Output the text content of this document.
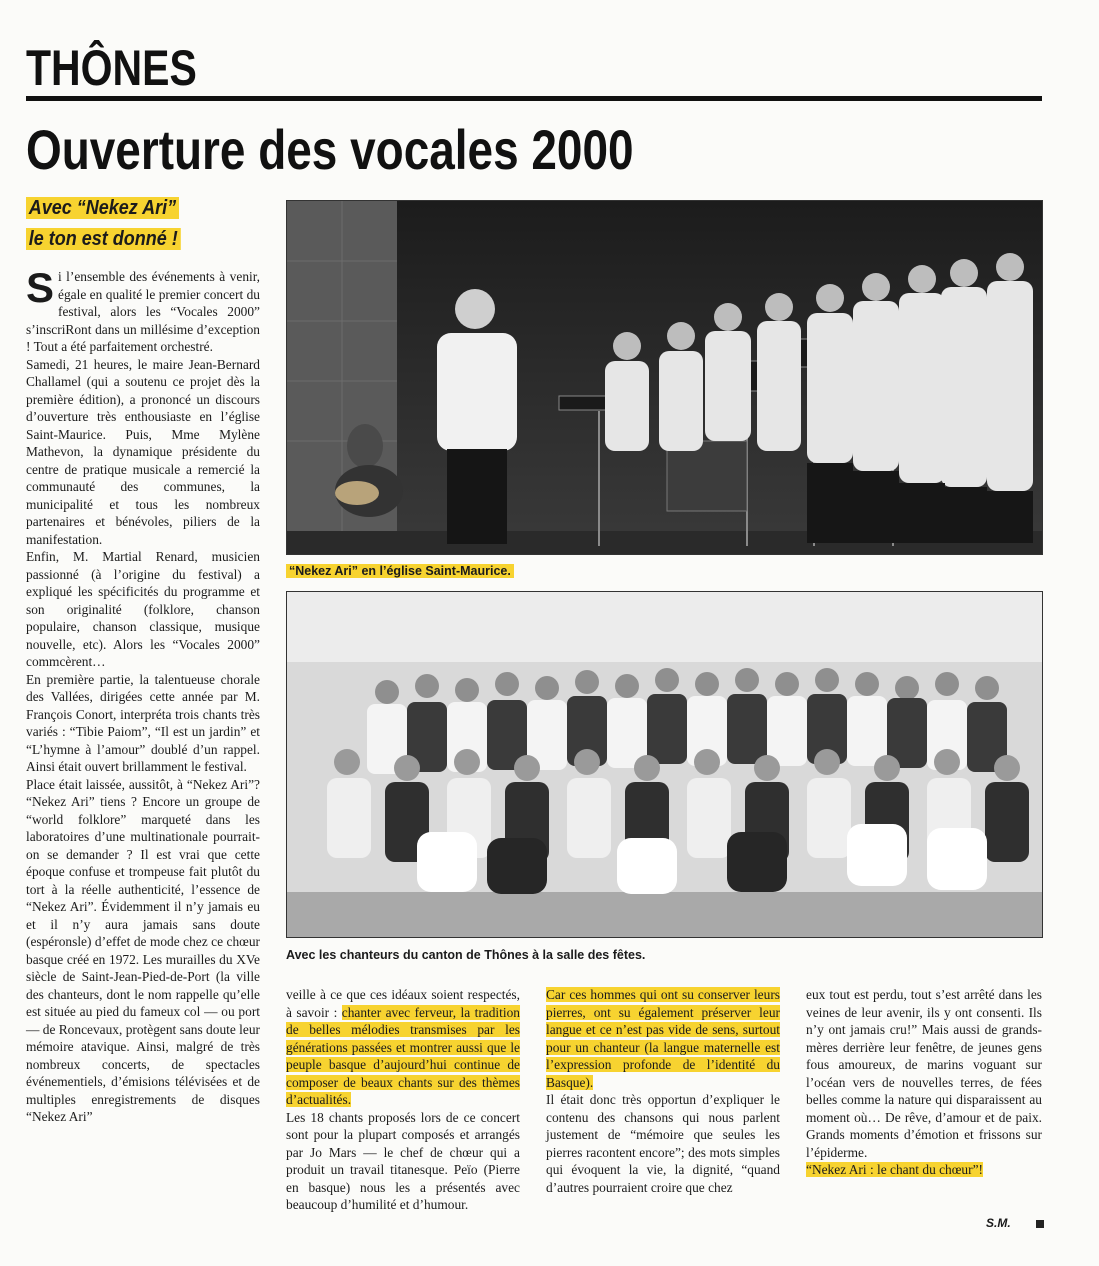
THÔNES
Ouverture des vocales 2000
Avec “Nekez Ari”
le ton est donné !
S i l’ensemble des événements à venir, égale en qualité le premier concert du festival, alors les “Vocales 2000” s’inscriRont dans un millésime d’exception ! Tout a été parfaitement orchestré.

Samedi, 21 heures, le maire Jean-Bernard Challamel (qui a soutenu ce projet dès la première édition), a prononcé un discours d’ouverture très enthousiaste en l’église Saint-Maurice. Puis, Mme Mylène Mathevon, la dynamique présidente du centre de pratique musicale a remercié la communauté des communes, la municipalité et tous les nombreux partenaires et bénévoles, piliers de la manifestation.

Enfin, M. Martial Renard, musicien passionné (à l’origine du festival) a expliqué les spécificités du programme et son originalité (folklore, chanson populaire, chanson classique, musique nouvelle, etc). Alors les “Vocales 2000” commcèrent…

En première partie, la talentueuse chorale des Vallées, dirigées cette année par M. François Conort, interpréta trois chants très variés : “Tibie Paiom”, “Il est un jardin” et “L’hymne à l’amour” doublé d’un rappel. Ainsi était ouvert brillamment le festival.

Place était laissée, aussitôt, à “Nekez Ari”? “Nekez Ari” tiens ? Encore un groupe de “world folklore” marqueté dans les laboratoires d’une multinationale pourrait-on se demander ? Il est vrai que cette époque confuse et trompeuse fait plutôt du tort à la réelle authenticité, l’essence de “Nekez Ari”. Évidemment il n’y jamais eu et il n’y aura jamais sans doute (espéronsle) d’effet de mode chez ce chœur basque créé en 1972. Les murailles du XVe siècle de Saint-Jean-Pied-de-Port (la ville des chanteurs, dont le nom rappelle qu’elle est située au pied du fameux col — ou port — de Roncevaux, protègent sans doute leur mémoire atavique. Ainsi, malgré de très nombreux concerts, de spectacles événementiels, d’émisions télévisées et de multiples enregistrements de disques “Nekez Ari”

“Nekez Ari” en l’église Saint-Maurice.
Avec les chanteurs du canton de Thônes à la salle des fêtes.

veille à ce que ces idéaux soient respectés, à savoir : chanter avec ferveur, la tradition de belles mélodies transmises par les générations passées et montrer aussi que le peuple basque d’aujourd’hui continue de composer de beaux chants sur des thèmes d’actualités.

Les 18 chants proposés lors de ce concert sont pour la plupart composés et arrangés par Jo Mars — le chef de chœur qui a produit un travail titanesque. Peïo (Pierre en basque) nous les a présentés avec beaucoup d’humilité et d’humour.

Car ces hommes qui ont su conserver leurs pierres, ont su également préserver leur langue et ce n’est pas vide de sens, surtout pour un chanteur (la langue maternelle est l’expression profonde de l’identité du Basque).

Il était donc très opportun d’expliquer le contenu des chansons qui nous parlent justement de “mémoire que seules les pierres racontent encore”; des mots simples qui évoquent la vie, la dignité, “quand d’autres pourraient croire que chez

eux tout est perdu, tout s’est arrêté dans les veines de leur avenir, ils y ont consenti. Ils n’y ont jamais cru!” Mais aussi de grands-mères derrière leur fenêtre, de jeunes gens fous amoureux, de marins voguant sur l’océan vers de nouvelles terres, de fées belles comme la nature qui disparaissent au moment où… De rêve, d’amour et de paix. Grands moments d’émotion et frissons sur l’épiderme.

“Nekez Ari : le chant du chœur”!

S.M.
